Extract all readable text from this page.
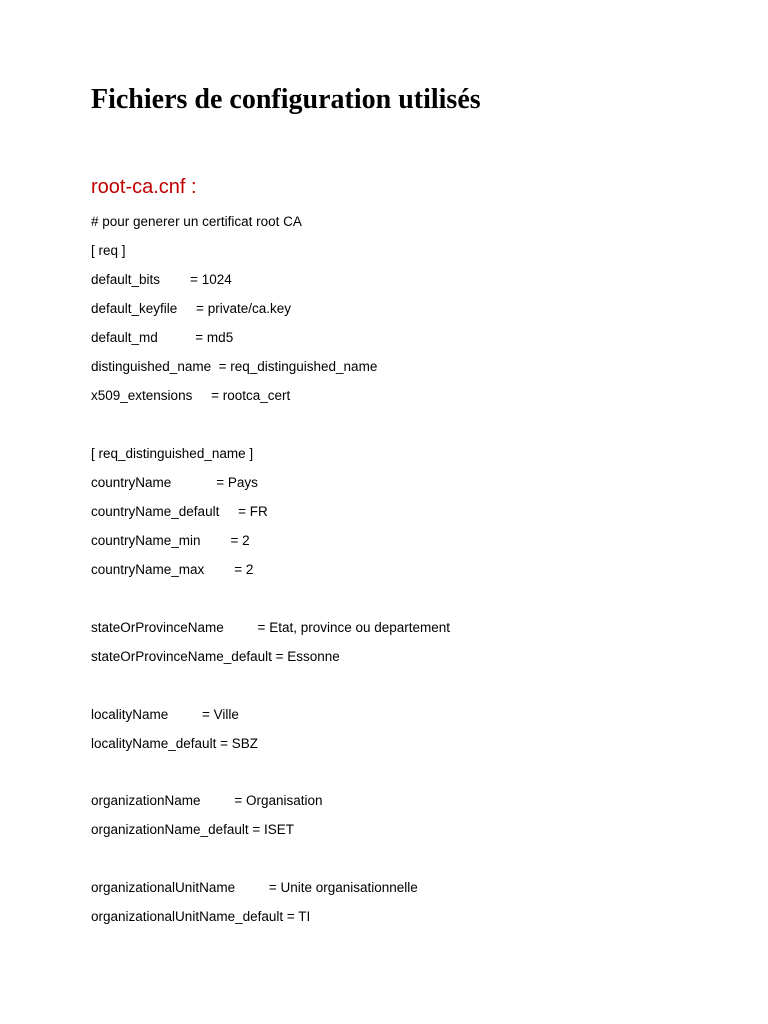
Fichiers de configuration utilisés
root-ca.cnf :
# pour generer un certificat root CA
[ req ]
default_bits        = 1024
default_keyfile     = private/ca.key
default_md          = md5
distinguished_name  = req_distinguished_name
x509_extensions     = rootca_cert
[ req_distinguished_name ]
countryName            = Pays
countryName_default     = FR
countryName_min        = 2
countryName_max        = 2
stateOrProvinceName         = Etat, province ou departement
stateOrProvinceName_default = Essonne
localityName         = Ville
localityName_default = SBZ
organizationName         = Organisation
organizationName_default = ISET
organizationalUnitName         = Unite organisationnelle
organizationalUnitName_default = TI
